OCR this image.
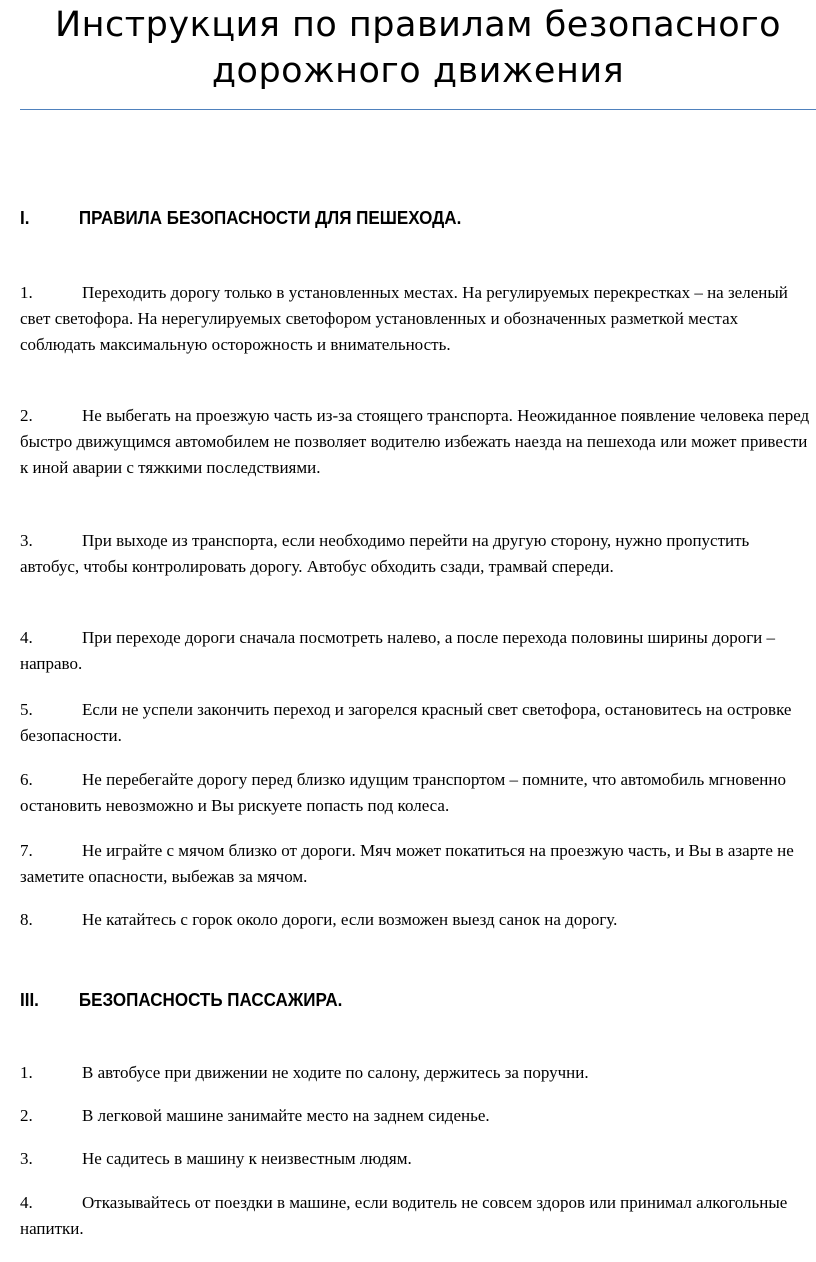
Инструкция по правилам безопасного
дорожного движения
I.	ПРАВИЛА БЕЗОПАСНОСТИ ДЛЯ ПЕШЕХОДА.

1.	Переходить дорогу только в установленных местах. На регулируемых перекрестках – на зеленый свет светофора. На нерегулируемых светофором установленных и обозначенных разметкой местах соблюдать максимальную осторожность и внимательность.

2.	Не выбегать на проезжую часть из-за стоящего транспорта. Неожиданное появление человека перед быстро движущимся автомобилем не позволяет водителю избежать наезда на пешехода или может привести к иной аварии с тяжкими последствиями.

3.	При выходе из транспорта, если необходимо перейти на другую сторону, нужно пропустить автобус, чтобы контролировать дорогу. Автобус обходить сзади, трамвай спереди.

4.	При переходе дороги сначала посмотреть налево, а после перехода половины ширины дороги – направо.

5.	Если не успели закончить переход и загорелся красный свет светофора, остановитесь на островке безопасности.

6.	Не перебегайте дорогу перед близко идущим транспортом – помните, что автомобиль мгновенно остановить невозможно и Вы рискуете попасть под колеса.

7.	Не играйте с мячом близко от дороги. Мяч может покатиться на проезжую часть, и Вы в азарте не заметите опасности, выбежав за мячом.

8.	Не катайтесь с горок около дороги, если возможен выезд санок на дорогу.

III. БЕЗОПАСНОСТЬ ПАССАЖИРА.

1.	В автобусе при движении не ходите по салону, держитесь за поручни.

2.	В легковой машине занимайте место на заднем сиденье.

3.	Не садитесь в машину к неизвестным людям.

4.	Отказывайтесь от поездки в машине, если водитель не совсем здоров или принимал алкогольные напитки.
